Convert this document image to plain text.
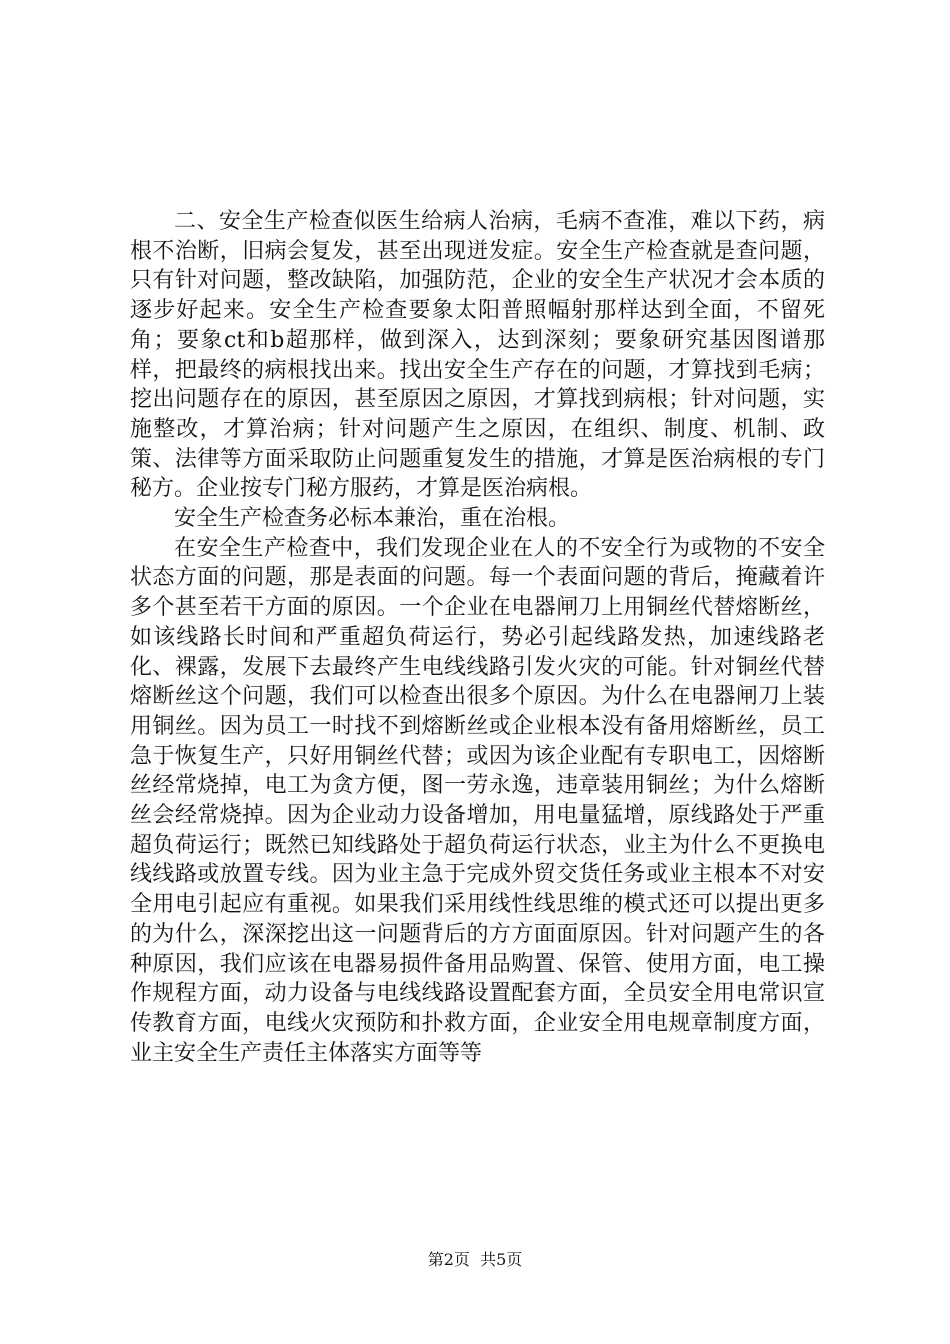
二、安全生产检查似医生给病人治病，毛病不查准，难以下药，病根不治断，旧病会复发，甚至出现迸发症。安全生产检查就是查问题，只有针对问题，整改缺陷，加强防范，企业的安全生产状况才会本质的逐步好起来。安全生产检查要象太阳普照幅射那样达到全面，不留死角；要象ct和b超那样，做到深入，达到深刻；要象研究基因图谱那样，把最终的病根找出来。找出安全生产存在的问题，才算找到毛病；挖出问题存在的原因，甚至原因之原因，才算找到病根；针对问题，实施整改，才算治病；针对问题产生之原因，在组织、制度、机制、政策、法律等方面采取防止问题重复发生的措施，才算是医治病根的专门秘方。企业按专门秘方服药，才算是医治病根。

安全生产检查务必标本兼治，重在治根。

在安全生产检查中，我们发现企业在人的不安全行为或物的不安全状态方面的问题，那是表面的问题。每一个表面问题的背后，掩藏着许多个甚至若干方面的原因。一个企业在电器闸刀上用铜丝代替熔断丝，如该线路长时间和严重超负荷运行，势必引起线路发热，加速线路老化、裸露，发展下去最终产生电线线路引发火灾的可能。针对铜丝代替熔断丝这个问题，我们可以检查出很多个原因。为什么在电器闸刀上装用铜丝。因为员工一时找不到熔断丝或企业根本没有备用熔断丝，员工急于恢复生产，只好用铜丝代替；或因为该企业配有专职电工，因熔断丝经常烧掉，电工为贪方便，图一劳永逸，违章装用铜丝；为什么熔断丝会经常烧掉。因为企业动力设备增加，用电量猛增，原线路处于严重超负荷运行；既然已知线路处于超负荷运行状态，业主为什么不更换电线线路或放置专线。因为业主急于完成外贸交货任务或业主根本不对安全用电引起应有重视。如果我们采用线性线思维的模式还可以提出更多的为什么，深深挖出这一问题背后的方方面面原因。针对问题产生的各种原因，我们应该在电器易损件备用品购置、保管、使用方面，电工操作规程方面，动力设备与电线线路设置配套方面，全员安全用电常识宣传教育方面，电线火灾预防和扑救方面，企业安全用电规章制度方面，业主安全生产责任主体落实方面等等

第2页  共5页
